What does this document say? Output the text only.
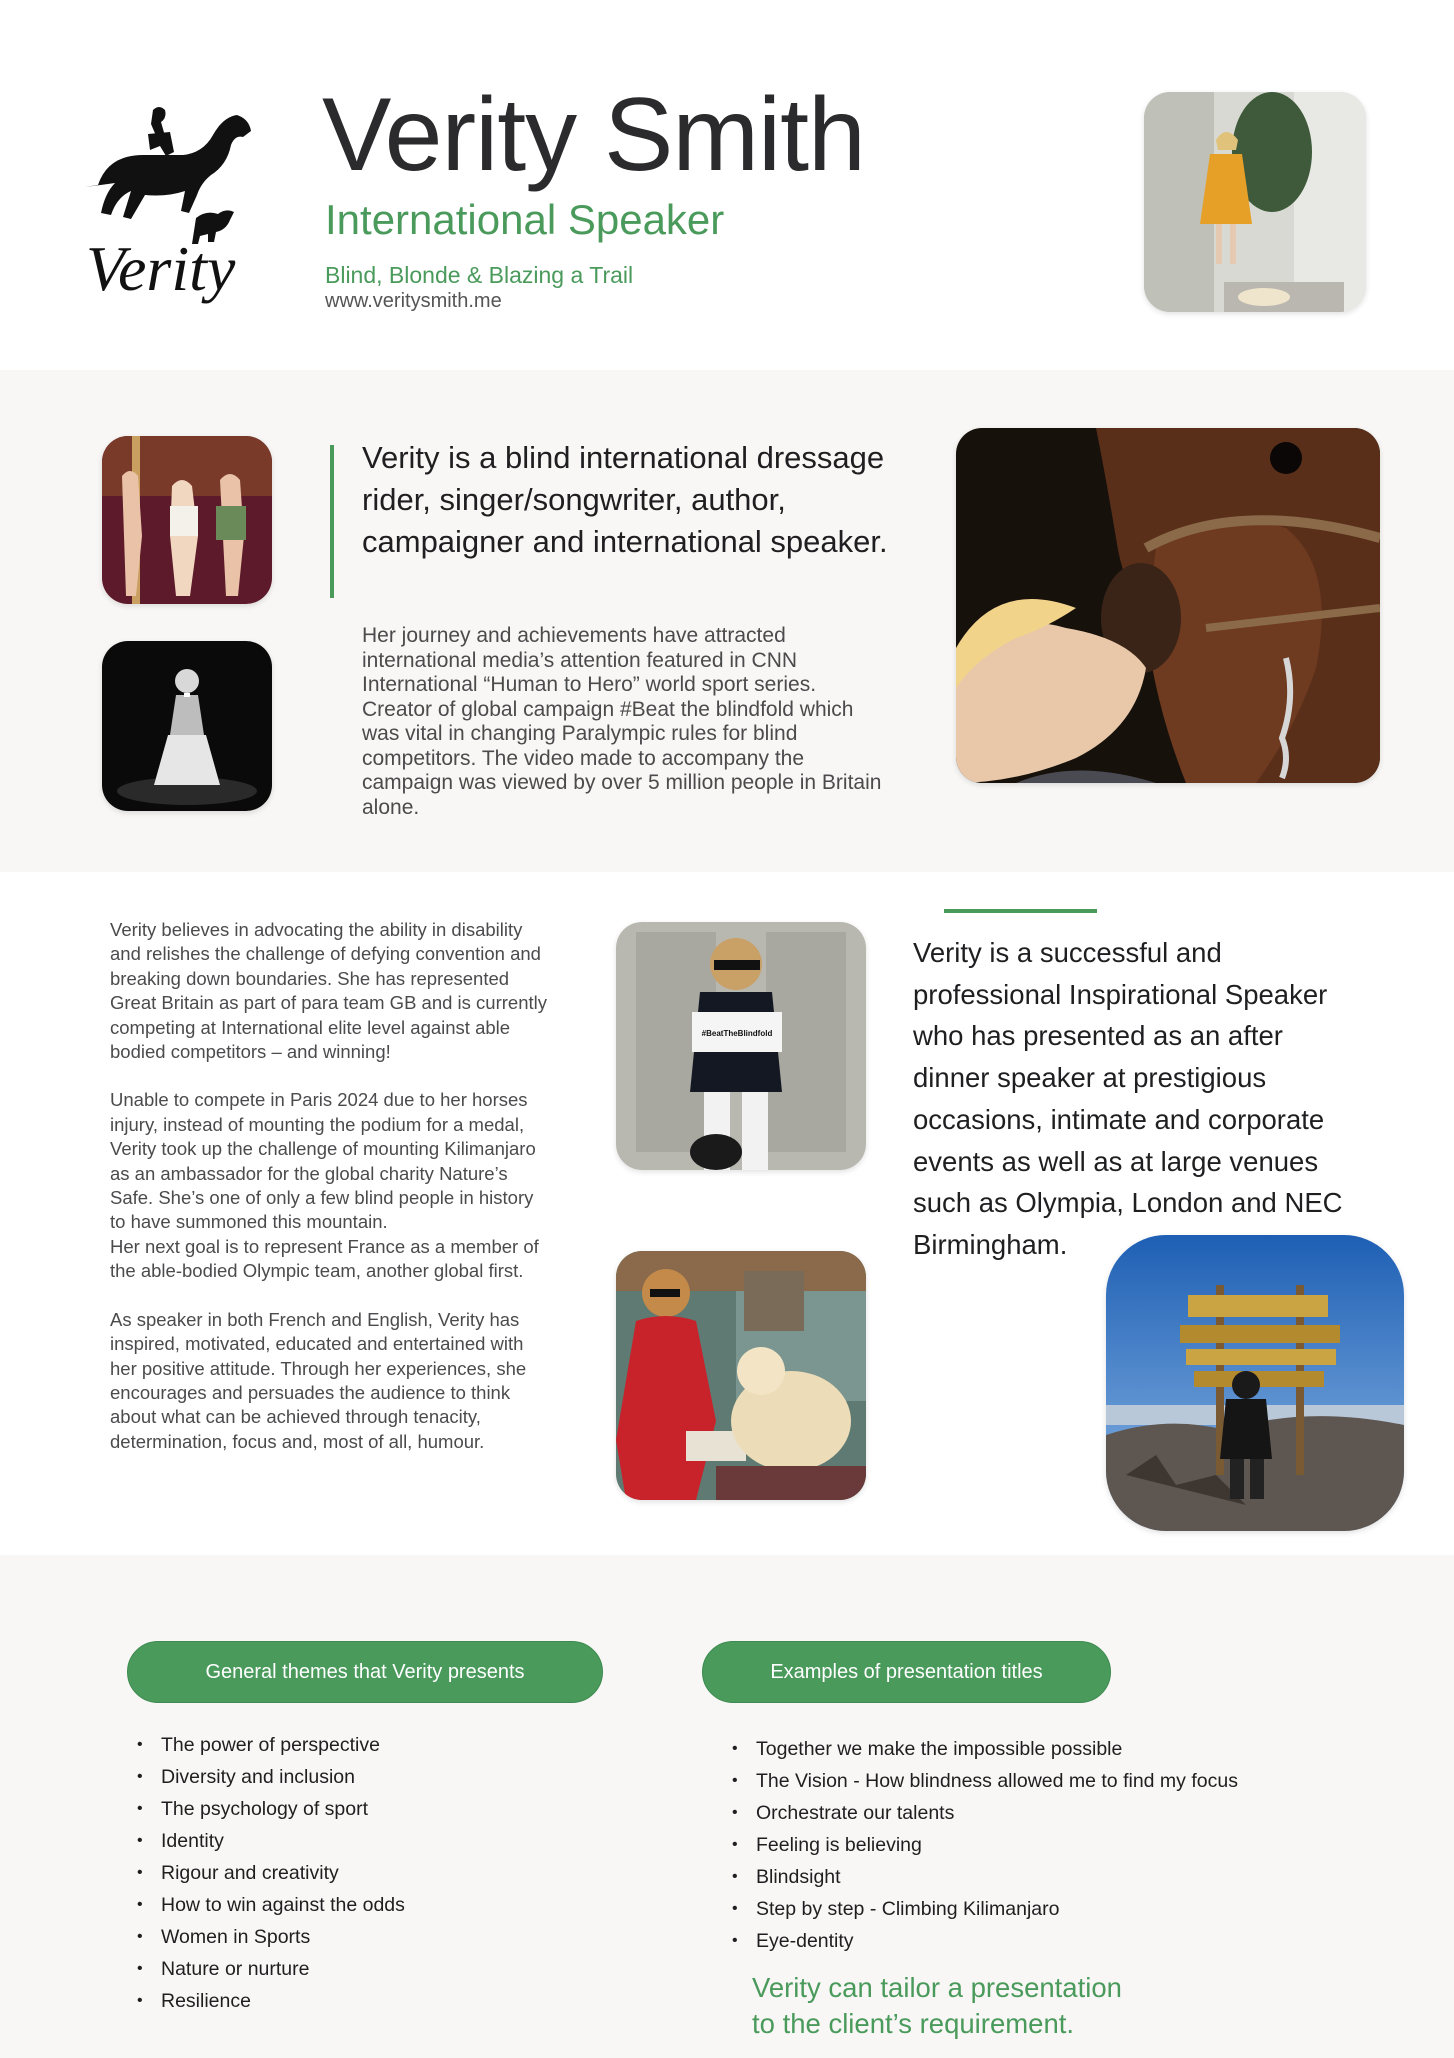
Verity
Verity Smith
International Speaker
Blind, Blonde & Blazing a Trail
www.veritysmith.me
Verity is a blind international dressage rider, singer/songwriter, author, campaigner and international speaker.
Her journey and achievements have attracted international media’s attention featured in CNN International “Human to Hero” world sport series. Creator of global campaign #Beat the blindfold which was vital in changing Paralympic rules for blind competitors. The video made to accompany the campaign was viewed by over 5 million people in Britain alone.

Verity believes in advocating the ability in disability and relishes the challenge of defying convention and breaking down boundaries. She has represented Great Britain as part of para team GB and is currently competing at International elite level against able bodied competitors – and winning!

Unable to compete in Paris 2024 due to her horses injury, instead of mounting the podium for a medal, Verity took up the challenge of mounting Kilimanjaro as an ambassador for the global charity Nature’s Safe. She’s one of only a few blind people in history to have summoned this mountain.

Her next goal is to represent France as a member of the able-bodied Olympic team, another global first.

As speaker in both French and English, Verity has inspired, motivated, educated and entertained with her positive attitude. Through her experiences, she encourages and persuades the audience to think about what can be achieved through tenacity, determination, focus and, most of all, humour.

#BeatTheBlindfold
Verity is a successful and professional Inspirational Speaker who has presented as an after dinner speaker at prestigious occasions, intimate and corporate events as well as at large venues such as Olympia, London and NEC Birmingham.
General themes that Verity presents	Examples of presentation titles
• The power of perspective
• Diversity and inclusion
• The psychology of sport
• Identity
• Rigour and creativity
• How to win against the odds
• Women in Sports
• Nature or nurture
• Resilience
• Together we make the impossible possible
• The Vision - How blindness allowed me to find my focus
• Orchestrate our talents
• Feeling is believing
• Blindsight
• Step by step - Climbing Kilimanjaro
• Eye-dentity
Verity can tailor a presentation
to the client’s requirement.
